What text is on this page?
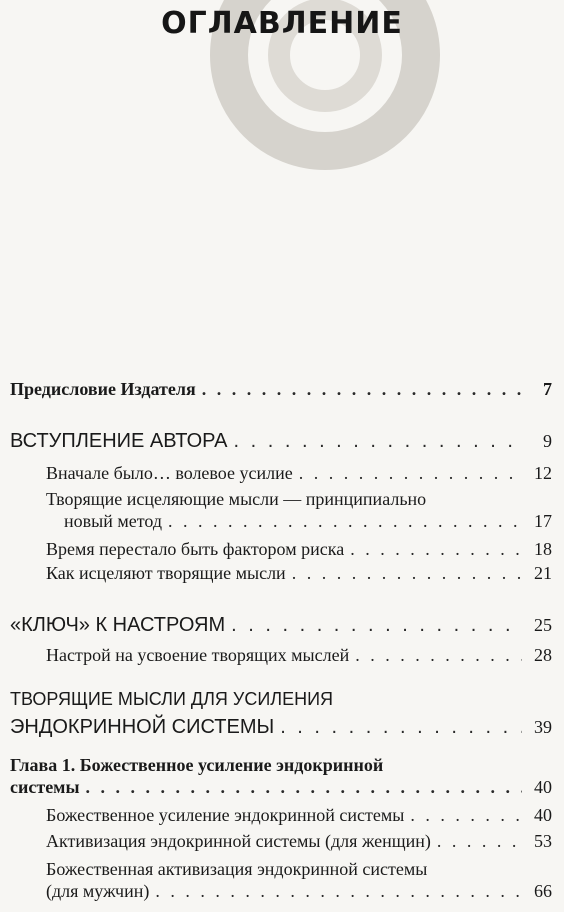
ОГЛАВЛЕНИЕ
Предисловие Издателя . . .	7
ВСТУПЛЕНИЕ АВТОРА . . .	9
Вначале было… волевое усилие . . .	12
Творящие исцеляющие мысли — принципиально
новый метод . . .	17
Время перестало быть фактором риска . . .	18
Как исцеляют творящие мысли . . .	21
«КЛЮЧ» К НАСТРОЯМ . . .	25
Настрой на усвоение творящих мыслей . . .	28
ТВОРЯЩИЕ МЫСЛИ ДЛЯ УСИЛЕНИЯ
ЭНДОКРИННОЙ СИСТЕМЫ . . .	39
Глава 1. Божественное усиление эндокринной
системы . . .	40
Божественное усиление эндокринной системы . . .	40
Активизация эндокринной системы (для женщин) . . .	53
Божественная активизация эндокринной системы
(для мужчин) . . .	66
